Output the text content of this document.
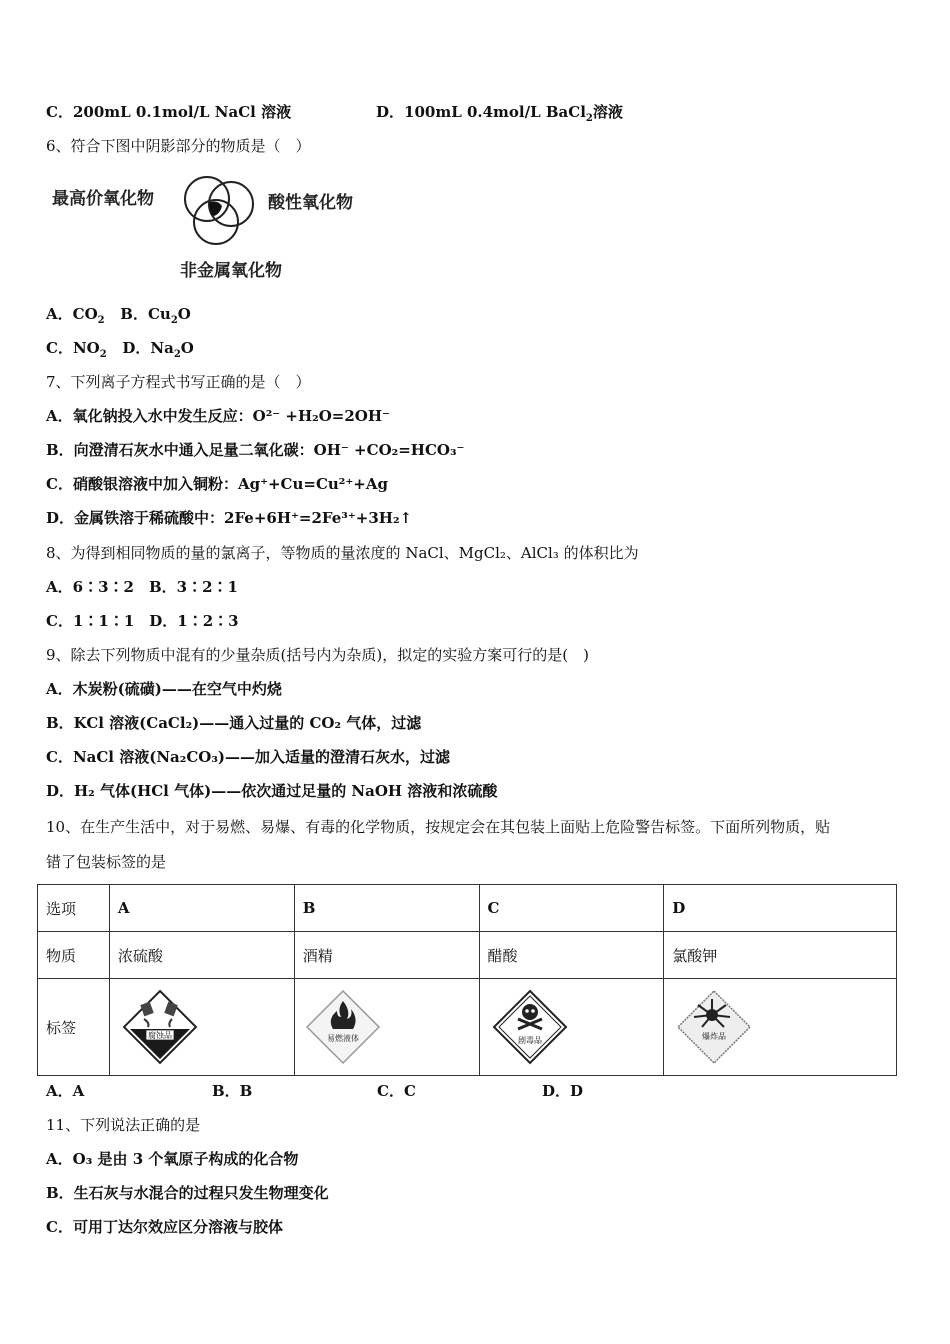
C．200mL 0.1mol/L NaCl 溶液	D．100mL 0.4mol/L BaCl$_2$溶液
6、符合下图中阴影部分的物质是（　）
最高价氧化物	酸性氧化物
非金属氧化物
A．$CO_2$ B．$Cu_2O$
C．$NO_2$ D．$Na_2O$
7、下列离子方程式书写正确的是（　）
A．氧化钠投入水中发生反应：O²⁻ +H₂O=2OH⁻
B．向澄清石灰水中通入足量二氧化碳：OH⁻ +CO₂=HCO₃⁻
C．硝酸银溶液中加入铜粉：Ag⁺+Cu=Cu²⁺+Ag
D．金属铁溶于稀硫酸中：2Fe+6H⁺=2Fe³⁺+3H₂↑
8、为得到相同物质的量的氯离子，等物质的量浓度的 NaCl、MgCl₂、AlCl₃ 的体积比为
A．6∶3∶2　B．3∶2∶1
C．1∶1∶1　D．1∶2∶3
9、除去下列物质中混有的少量杂质(括号内为杂质)，拟定的实验方案可行的是(　)
A．木炭粉(硫磺)——在空气中灼烧
B．KCl 溶液(CaCl₂)——通入过量的 CO₂ 气体，过滤
C．NaCl 溶液(Na₂CO₃)——加入适量的澄清石灰水，过滤
D．H₂ 气体(HCl 气体)——依次通过足量的 NaOH 溶液和浓硫酸
10、在生产生活中，对于易燃、易爆、有毒的化学物质，按规定会在其包装上面贴上危险警告标签。下面所列物质，贴
错了包装标签的是
选项	A	B	C	D
物质	浓硫酸	酒精	醋酸	氯酸钾
标签	腐蚀品	易燃液体	剧毒品	爆炸品
A．A	B．B	C．C	D．D
11、下列说法正确的是
A．O₃ 是由 3 个氧原子构成的化合物
B．生石灰与水混合的过程只发生物理变化
C．可用丁达尔效应区分溶液与胶体
